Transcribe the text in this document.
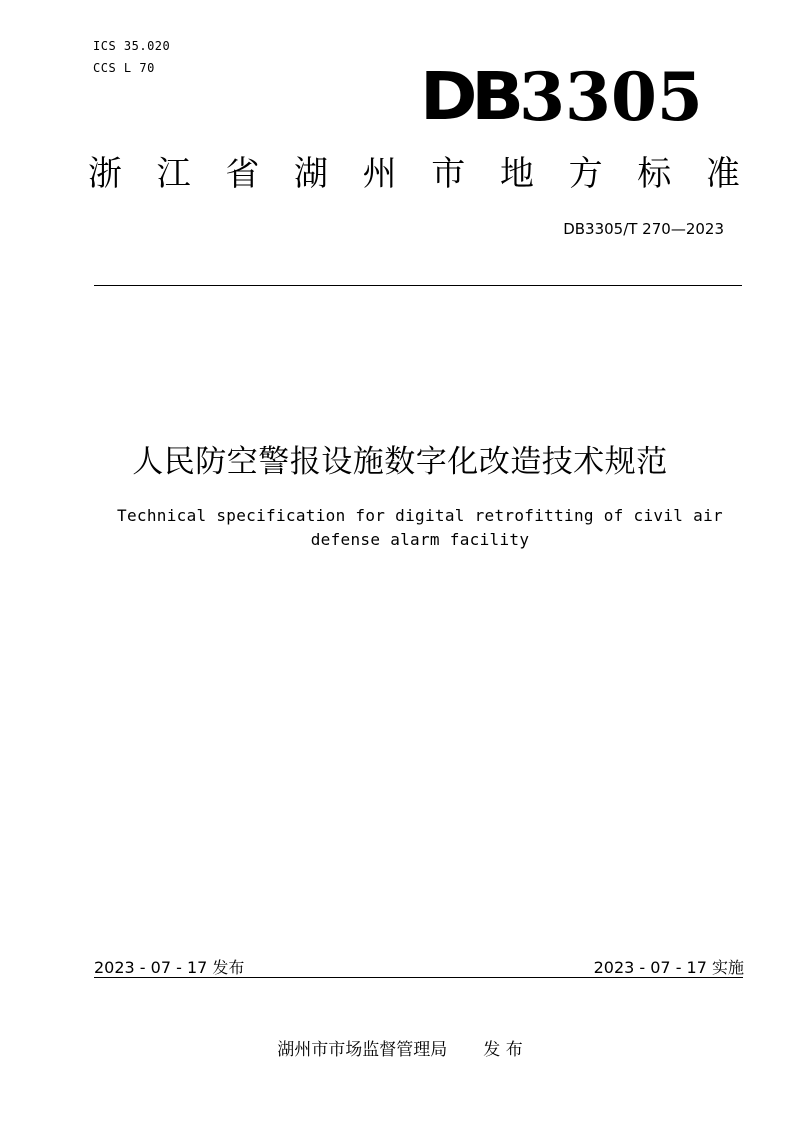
ICS 35.020
CCS L 70	DB 3305
浙 江 省 湖 州 市 地 方 标 准
DB3305/T 270—2023
人民防空警报设施数字化改造技术规范
Technical specification for digital retrofitting of civil air defense alarm facility
2023 - 07 - 17 发布	2023 - 07 - 17 实施
湖州市市场监督管理局 发 布
